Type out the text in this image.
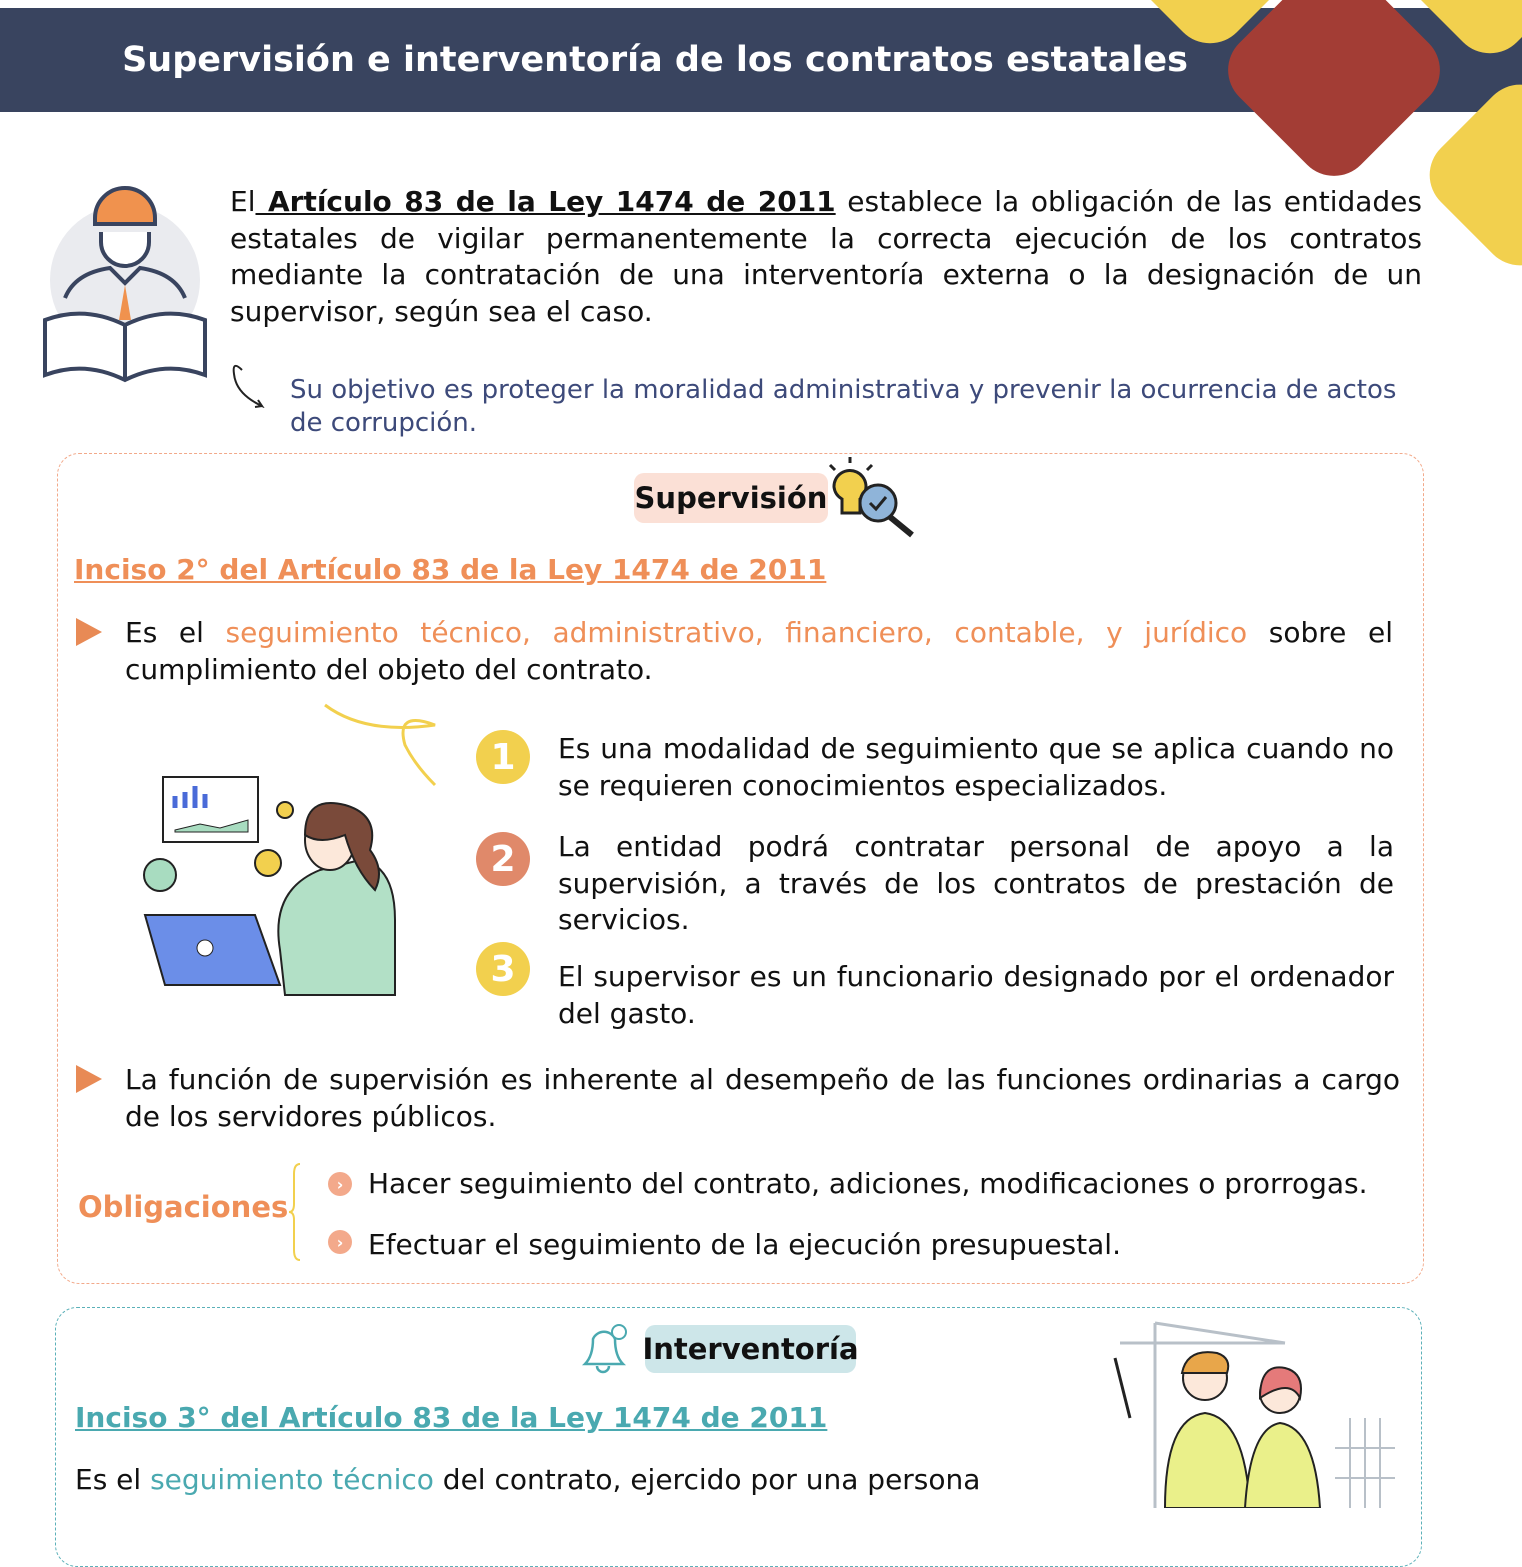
Supervisión e interventoría de los contratos estatales
El Artículo 83 de la Ley 1474 de 2011 establece la obligación de las entidades estatales de vigilar permanentemente la correcta ejecución de los contratos mediante la contratación de una interventoría externa o la designación de un supervisor, según sea el caso.
Su objetivo es proteger la moralidad administrativa y prevenir la ocurrencia de actos de corrupción.
Supervisión
Inciso 2° del Artículo 83 de la Ley 1474 de 2011
Es el seguimiento técnico, administrativo, financiero, contable, y jurídico sobre el cumplimiento del objeto del contrato.
1	Es una modalidad de seguimiento que se aplica cuando no se requieren conocimientos especializados.
2	La entidad podrá contratar personal de apoyo a la supervisión, a través de los contratos de prestación de servicios.
3	El supervisor es un funcionario designado por el ordenador del gasto.
La función de supervisión es inherente al desempeño de las funciones ordinarias a cargo de los servidores públicos.
Obligaciones
› Hacer seguimiento del contrato, adiciones, modificaciones o prorrogas.
› Efectuar el seguimiento de la ejecución presupuestal.
Interventoría
Inciso 3° del Artículo 83 de la Ley 1474 de 2011
Es el seguimiento técnico del contrato, ejercido por una persona
